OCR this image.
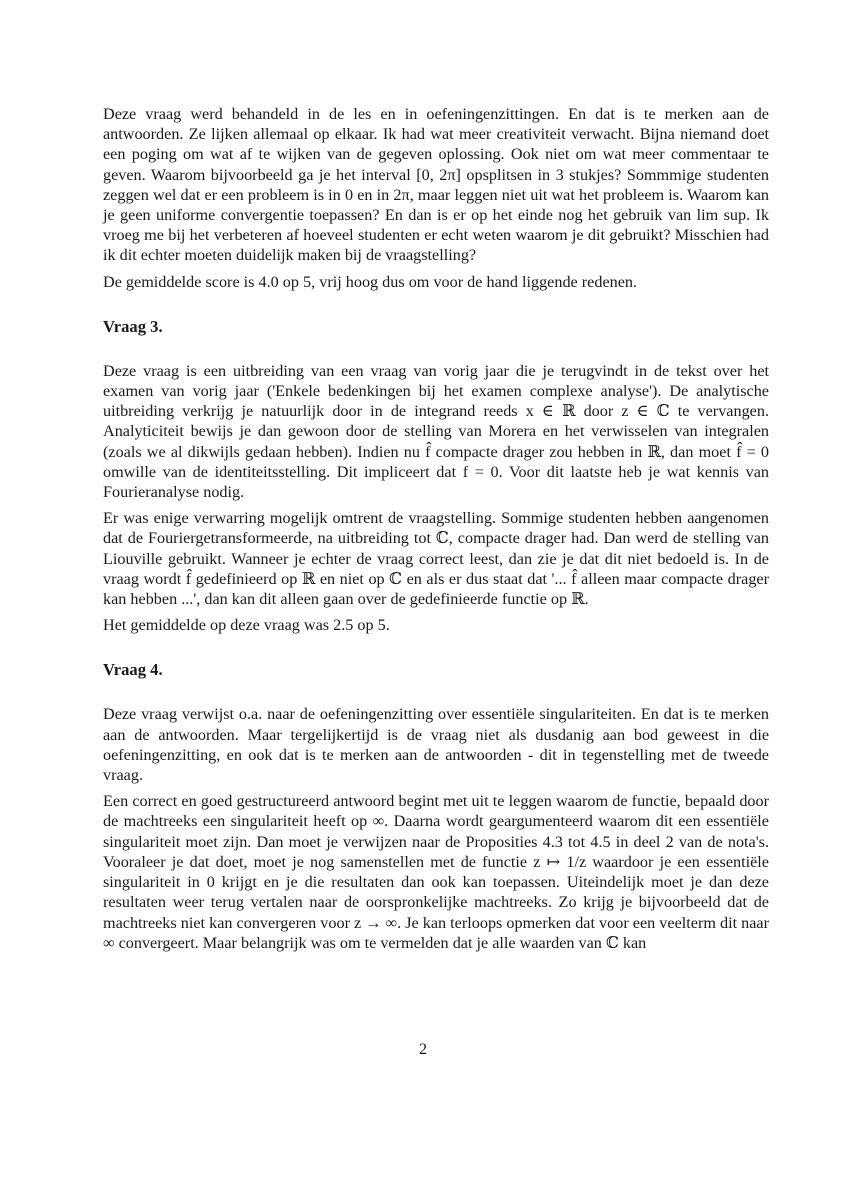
Deze vraag werd behandeld in de les en in oefeningenzittingen. En dat is te merken aan de antwoorden. Ze lijken allemaal op elkaar. Ik had wat meer creativiteit verwacht. Bijna niemand doet een poging om wat af te wijken van de gegeven oplossing. Ook niet om wat meer commentaar te geven. Waarom bijvoorbeeld ga je het interval [0, 2π] opsplitsen in 3 stukjes? Sommmige studenten zeggen wel dat er een probleem is in 0 en in 2π, maar leggen niet uit wat het probleem is. Waarom kan je geen uniforme convergentie toepassen? En dan is er op het einde nog het gebruik van lim sup. Ik vroeg me bij het verbeteren af hoeveel studenten er echt weten waarom je dit gebruikt? Misschien had ik dit echter moeten duidelijk maken bij de vraagstelling?

De gemiddelde score is 4.0 op 5, vrij hoog dus om voor de hand liggende redenen.

Vraag 3.

Deze vraag is een uitbreiding van een vraag van vorig jaar die je terugvindt in de tekst over het examen van vorig jaar ('Enkele bedenkingen bij het examen complexe analyse'). De analytische uitbreiding verkrijg je natuurlijk door in de integrand reeds x ∈ ℝ door z ∈ ℂ te vervangen. Analyticiteit bewijs je dan gewoon door de stelling van Morera en het verwisselen van integralen (zoals we al dikwijls gedaan hebben). Indien nu f̂ compacte drager zou hebben in ℝ, dan moet f̂ = 0 omwille van de identiteitsstelling. Dit impliceert dat f = 0. Voor dit laatste heb je wat kennis van Fourieranalyse nodig.

Er was enige verwarring mogelijk omtrent de vraagstelling. Sommige studenten hebben aangenomen dat de Fouriergetransformeerde, na uitbreiding tot ℂ, compacte drager had. Dan werd de stelling van Liouville gebruikt. Wanneer je echter de vraag correct leest, dan zie je dat dit niet bedoeld is. In de vraag wordt f̂ gedefinieerd op ℝ en niet op ℂ en als er dus staat dat '... f̂ alleen maar compacte drager kan hebben ...', dan kan dit alleen gaan over de gedefinieerde functie op ℝ.

Het gemiddelde op deze vraag was 2.5 op 5.

Vraag 4.

Deze vraag verwijst o.a. naar de oefeningenzitting over essentiële singulariteiten. En dat is te merken aan de antwoorden. Maar tergelijkertijd is de vraag niet als dusdanig aan bod geweest in die oefeningenzitting, en ook dat is te merken aan de antwoorden - dit in tegenstelling met de tweede vraag.

Een correct en goed gestructureerd antwoord begint met uit te leggen waarom de functie, bepaald door de machtreeks een singulariteit heeft op ∞. Daarna wordt geargumenteerd waarom dit een essentiële singulariteit moet zijn. Dan moet je verwijzen naar de Proposities 4.3 tot 4.5 in deel 2 van de nota's. Vooraleer je dat doet, moet je nog samenstellen met de functie z ↦ 1/z waardoor je een essentiële singulariteit in 0 krijgt en je die resultaten dan ook kan toepassen. Uiteindelijk moet je dan deze resultaten weer terug vertalen naar de oorspronkelijke machtreeks. Zo krijg je bijvoorbeeld dat de machtreeks niet kan convergeren voor z → ∞. Je kan terloops opmerken dat voor een veelterm dit naar ∞ convergeert. Maar belangrijk was om te vermelden dat je alle waarden van ℂ kan

2
